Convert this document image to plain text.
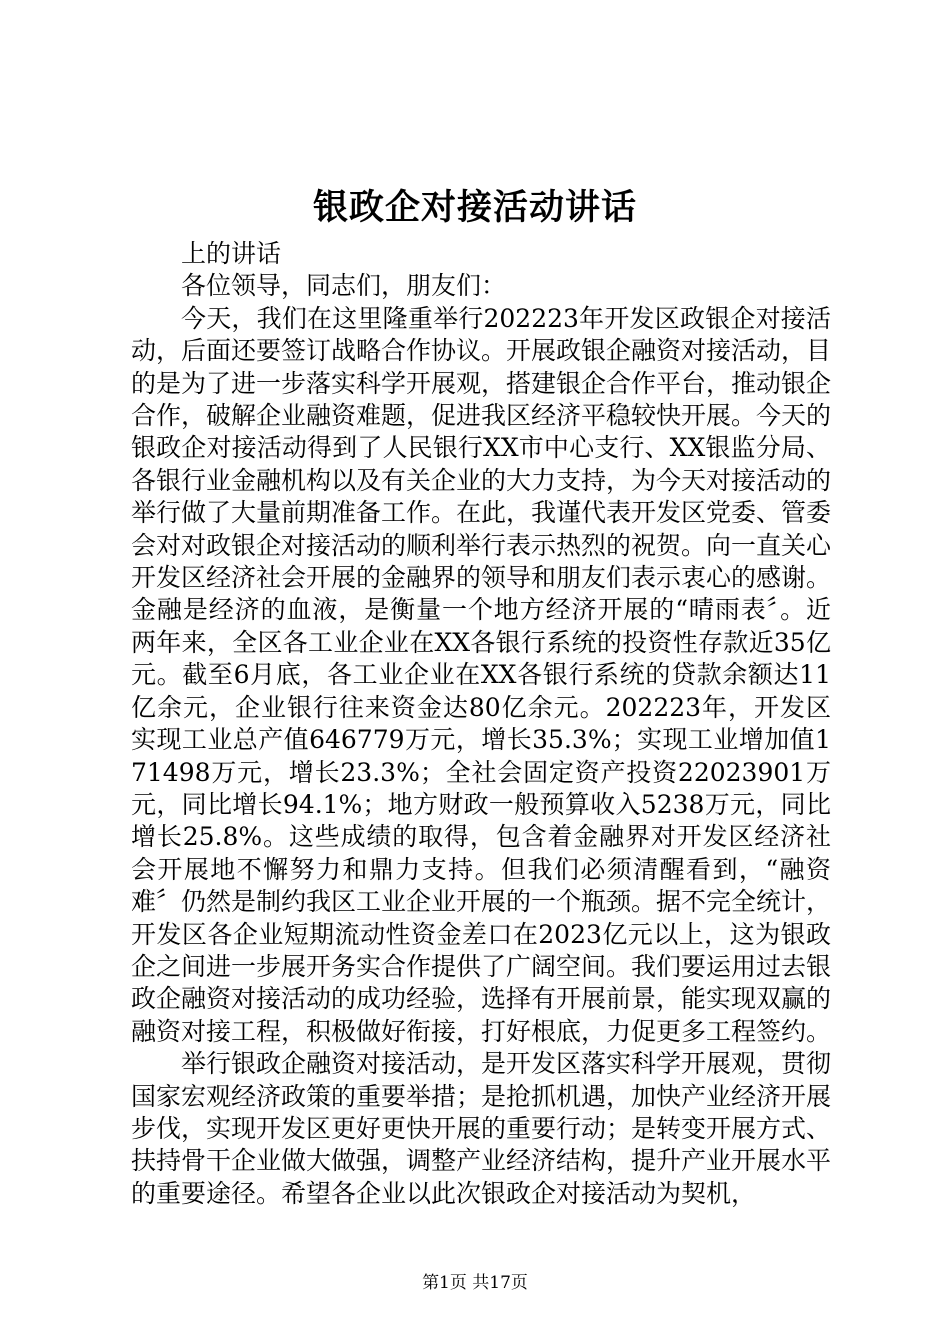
银政企对接活动讲话

上的讲话

各位领导，同志们，朋友们：

今天，我们在这里隆重举行202223年开发区政银企对接活动，后面还要签订战略合作协议。开展政银企融资对接活动，目的是为了进一步落实科学开展观，搭建银企合作平台，推动银企合作，破解企业融资难题，促进我区经济平稳较快开展。今天的银政企对接活动得到了人民银行XX市中心支行、XX银监分局、各银行业金融机构以及有关企业的大力支持，为今天对接活动的举行做了大量前期准备工作。在此，我谨代表开发区党委、管委会对对政银企对接活动的顺利举行表示热烈的祝贺。向一直关心开发区经济社会开展的金融界的领导和朋友们表示衷心的感谢。金融是经济的血液，是衡量一个地方经济开展的“晴雨表〞。近两年来，全区各工业企业在XX各银行系统的投资性存款近35亿元。截至6月底，各工业企业在XX各银行系统的贷款余额达11亿余元，企业银行往来资金达80亿余元。202223年，开发区实现工业总产值646779万元，增长35.3%；实现工业增加值171498万元，增长23.3%；全社会固定资产投资22023901万元，同比增长94.1%；地方财政一般预算收入5238万元，同比增长25.8%。这些成绩的取得，包含着金融界对开发区经济社会开展地不懈努力和鼎力支持。但我们必须清醒看到，“融资难〞仍然是制约我区工业企业开展的一个瓶颈。据不完全统计，开发区各企业短期流动性资金差口在2023亿元以上，这为银政企之间进一步展开务实合作提供了广阔空间。我们要运用过去银政企融资对接活动的成功经验，选择有开展前景，能实现双赢的融资对接工程，积极做好衔接，打好根底，力促更多工程签约。

举行银政企融资对接活动，是开发区落实科学开展观，贯彻国家宏观经济政策的重要举措；是抢抓机遇，加快产业经济开展步伐，实现开发区更好更快开展的重要行动；是转变开展方式、扶持骨干企业做大做强，调整产业经济结构，提升产业开展水平的重要途径。希望各企业以此次银政企对接活动为契机，

第1页 共17页
